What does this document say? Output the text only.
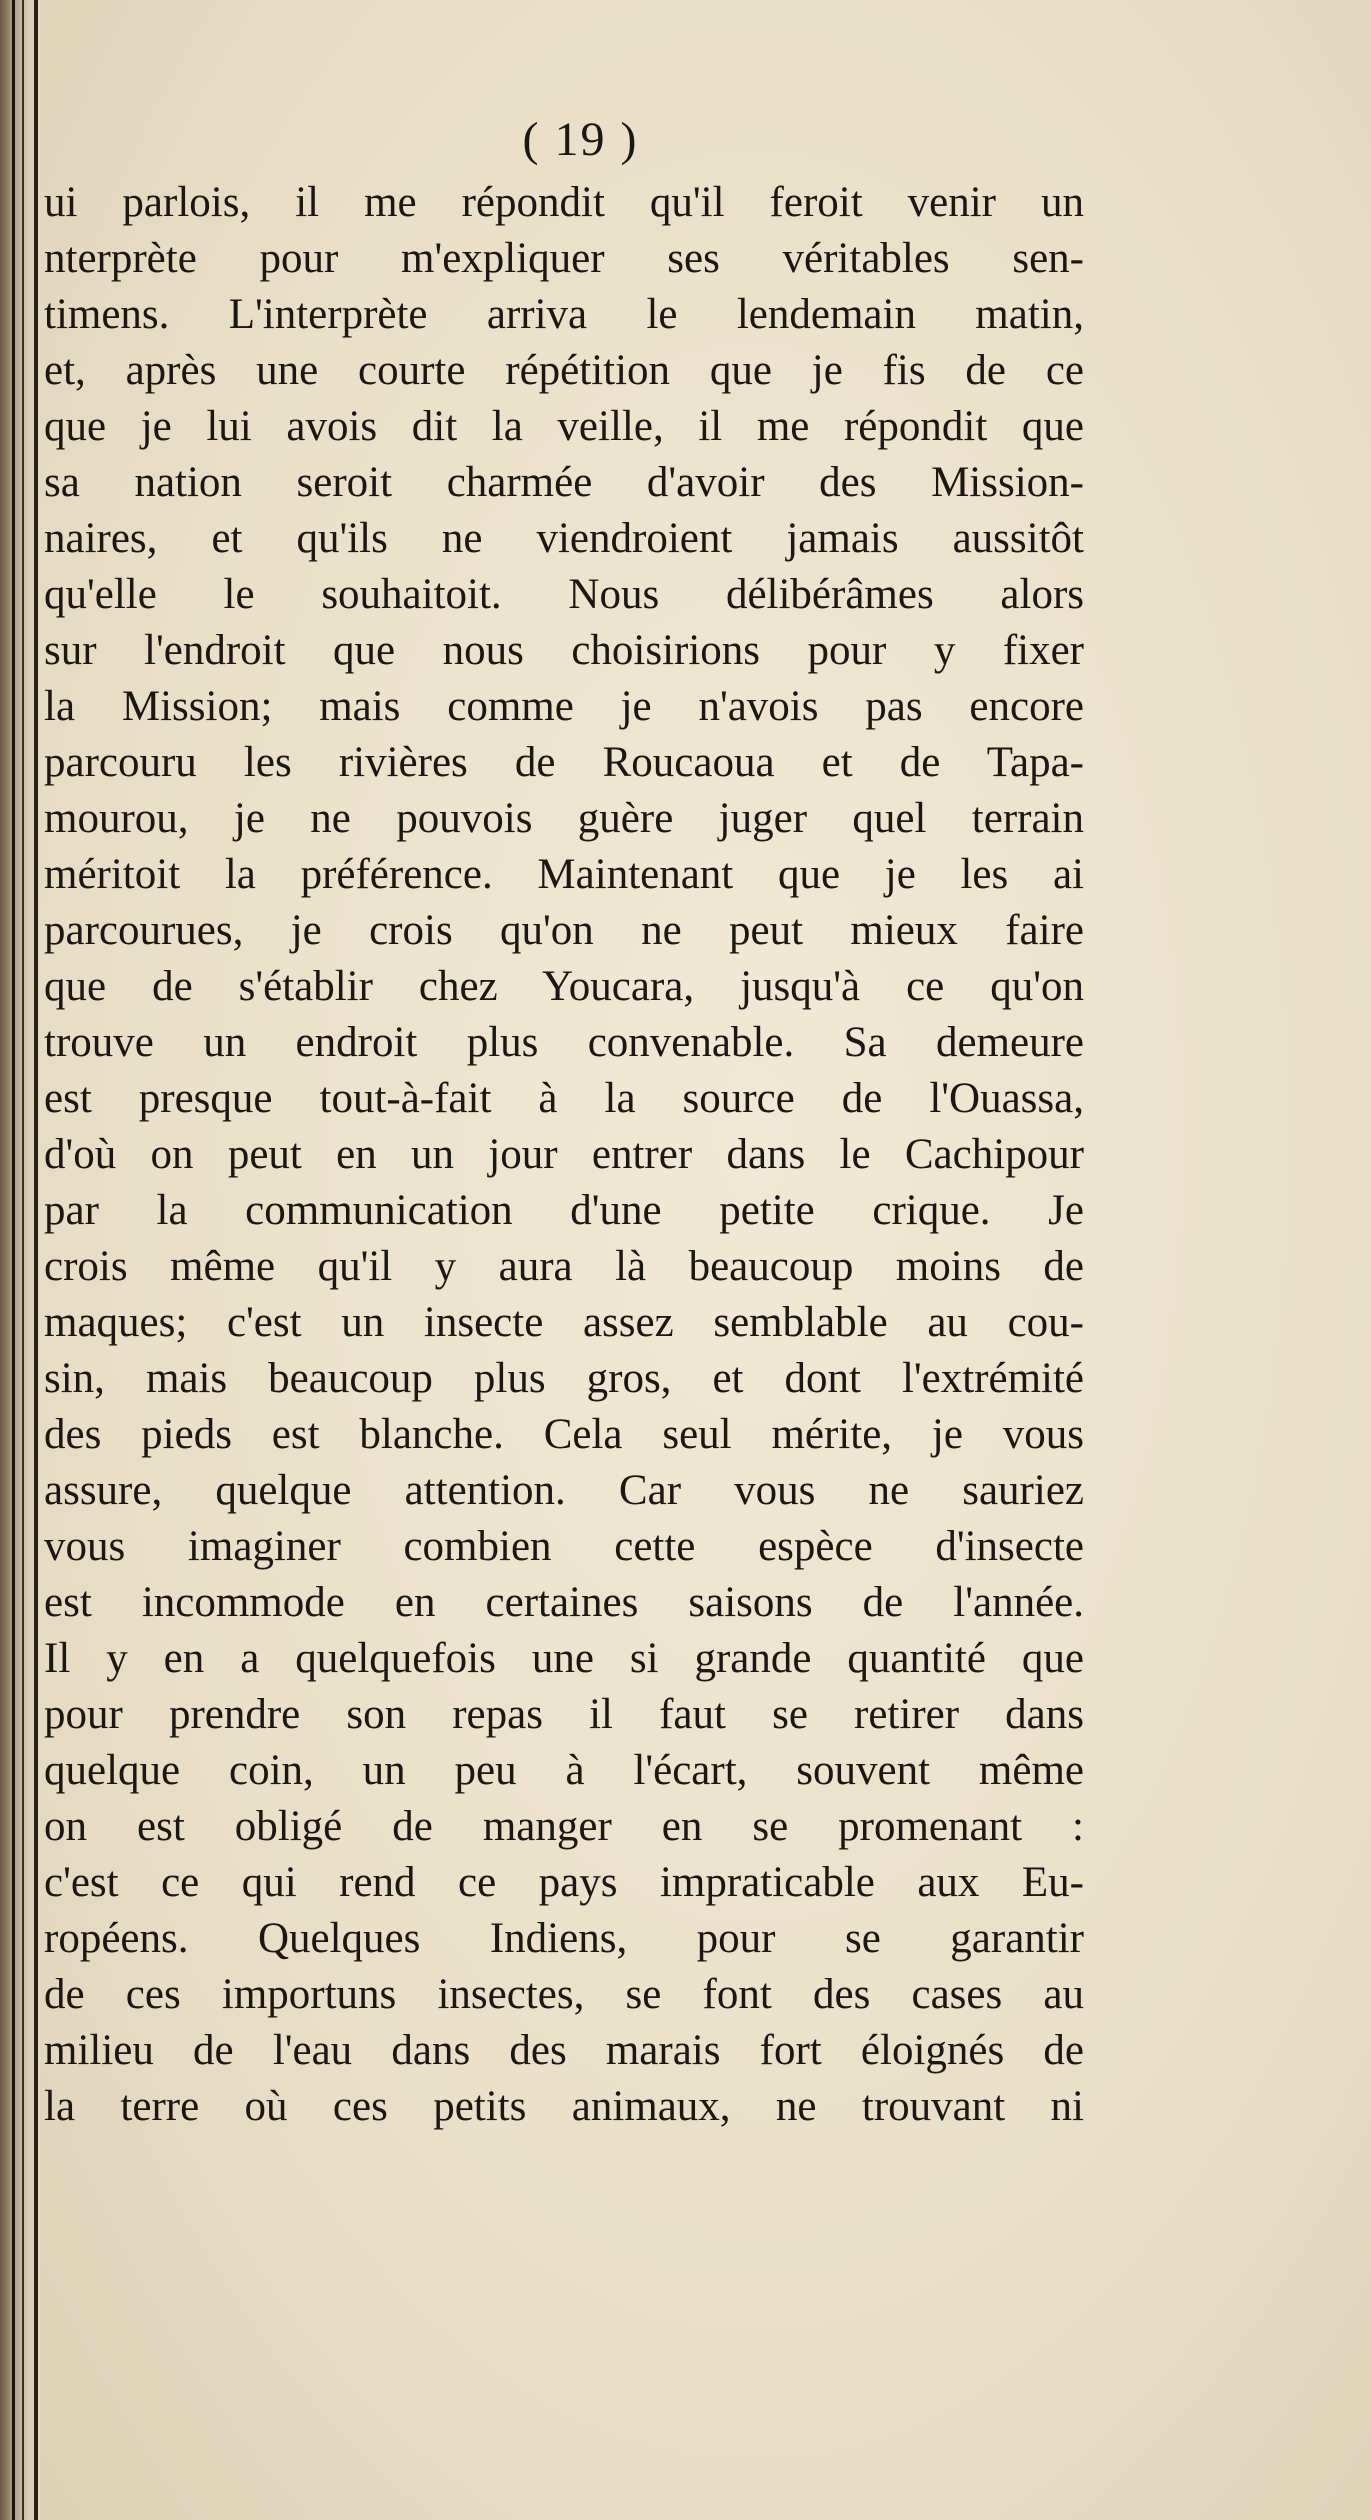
( 19 )
ui parlois, il me répondit qu'il feroit venir un
nterprète pour m'expliquer ses véritables sen-
timens. L'interprète arriva le lendemain matin,
et, après une courte répétition que je fis de ce
que je lui avois dit la veille, il me répondit que
sa nation seroit charmée d'avoir des Mission-
naires, et qu'ils ne viendroient jamais aussitôt
qu'elle le souhaitoit. Nous délibérâmes alors
sur l'endroit que nous choisirions pour y fixer
la Mission; mais comme je n'avois pas encore
parcouru les rivières de Roucaoua et de Tapa-
mourou, je ne pouvois guère juger quel terrain
méritoit la préférence. Maintenant que je les ai
parcourues, je crois qu'on ne peut mieux faire
que de s'établir chez Youcara, jusqu'à ce qu'on
trouve un endroit plus convenable. Sa demeure
est presque tout-à-fait à la source de l'Ouassa,
d'où on peut en un jour entrer dans le Cachipour
par la communication d'une petite crique. Je
crois même qu'il y aura là beaucoup moins de
maques; c'est un insecte assez semblable au cou-
sin, mais beaucoup plus gros, et dont l'extrémité
des pieds est blanche. Cela seul mérite, je vous
assure, quelque attention. Car vous ne sauriez
vous imaginer combien cette espèce d'insecte
est incommode en certaines saisons de l'année.
Il y en a quelquefois une si grande quantité que
pour prendre son repas il faut se retirer dans
quelque coin, un peu à l'écart, souvent même
on est obligé de manger en se promenant :
c'est ce qui rend ce pays impraticable aux Eu-
ropéens. Quelques Indiens, pour se garantir
de ces importuns insectes, se font des cases au
milieu de l'eau dans des marais fort éloignés de
la terre où ces petits animaux, ne trouvant ni
